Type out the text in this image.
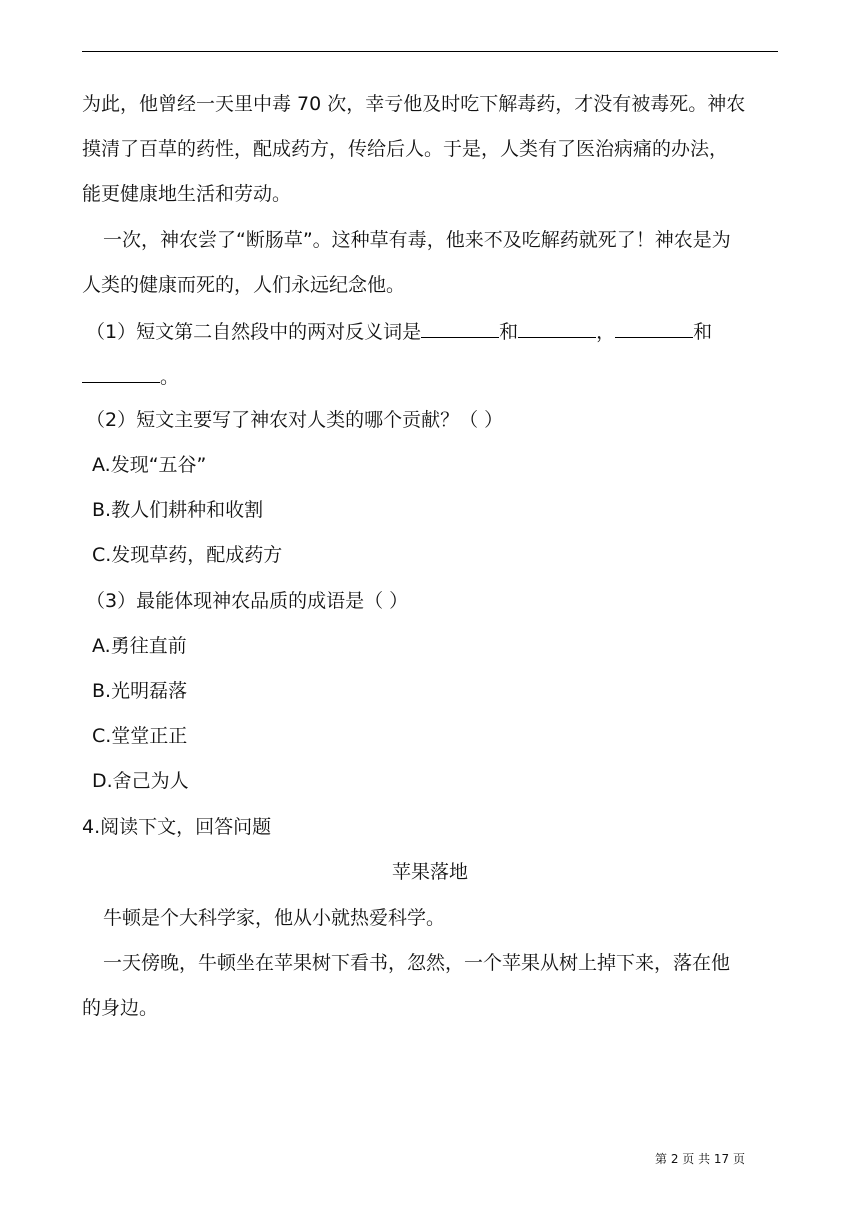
为此，他曾经一天里中毒 70 次，幸亏他及时吃下解毒药，才没有被毒死。神农
摸清了百草的药性，配成药方，传给后人。于是，人类有了医治病痛的办法，
能更健康地生活和劳动。
一次，神农尝了“断肠草”。这种草有毒，他来不及吃解药就死了！神农是为
人类的健康而死的，人们永远纪念他。
（1）短文第二自然段中的两对反义词是	和	，	和
。
（2）短文主要写了神农对人类的哪个贡献？（ ）
A.发现“五谷”
B.教人们耕种和收割
C.发现草药，配成药方
（3）最能体现神农品质的成语是（ ）
A.勇往直前
B.光明磊落
C.堂堂正正
D.舍己为人
4.阅读下文，回答问题
苹果落地
牛顿是个大科学家，他从小就热爱科学。
一天傍晚，牛顿坐在苹果树下看书，忽然，一个苹果从树上掉下来，落在他
的身边。
第 2 页 共 17 页
